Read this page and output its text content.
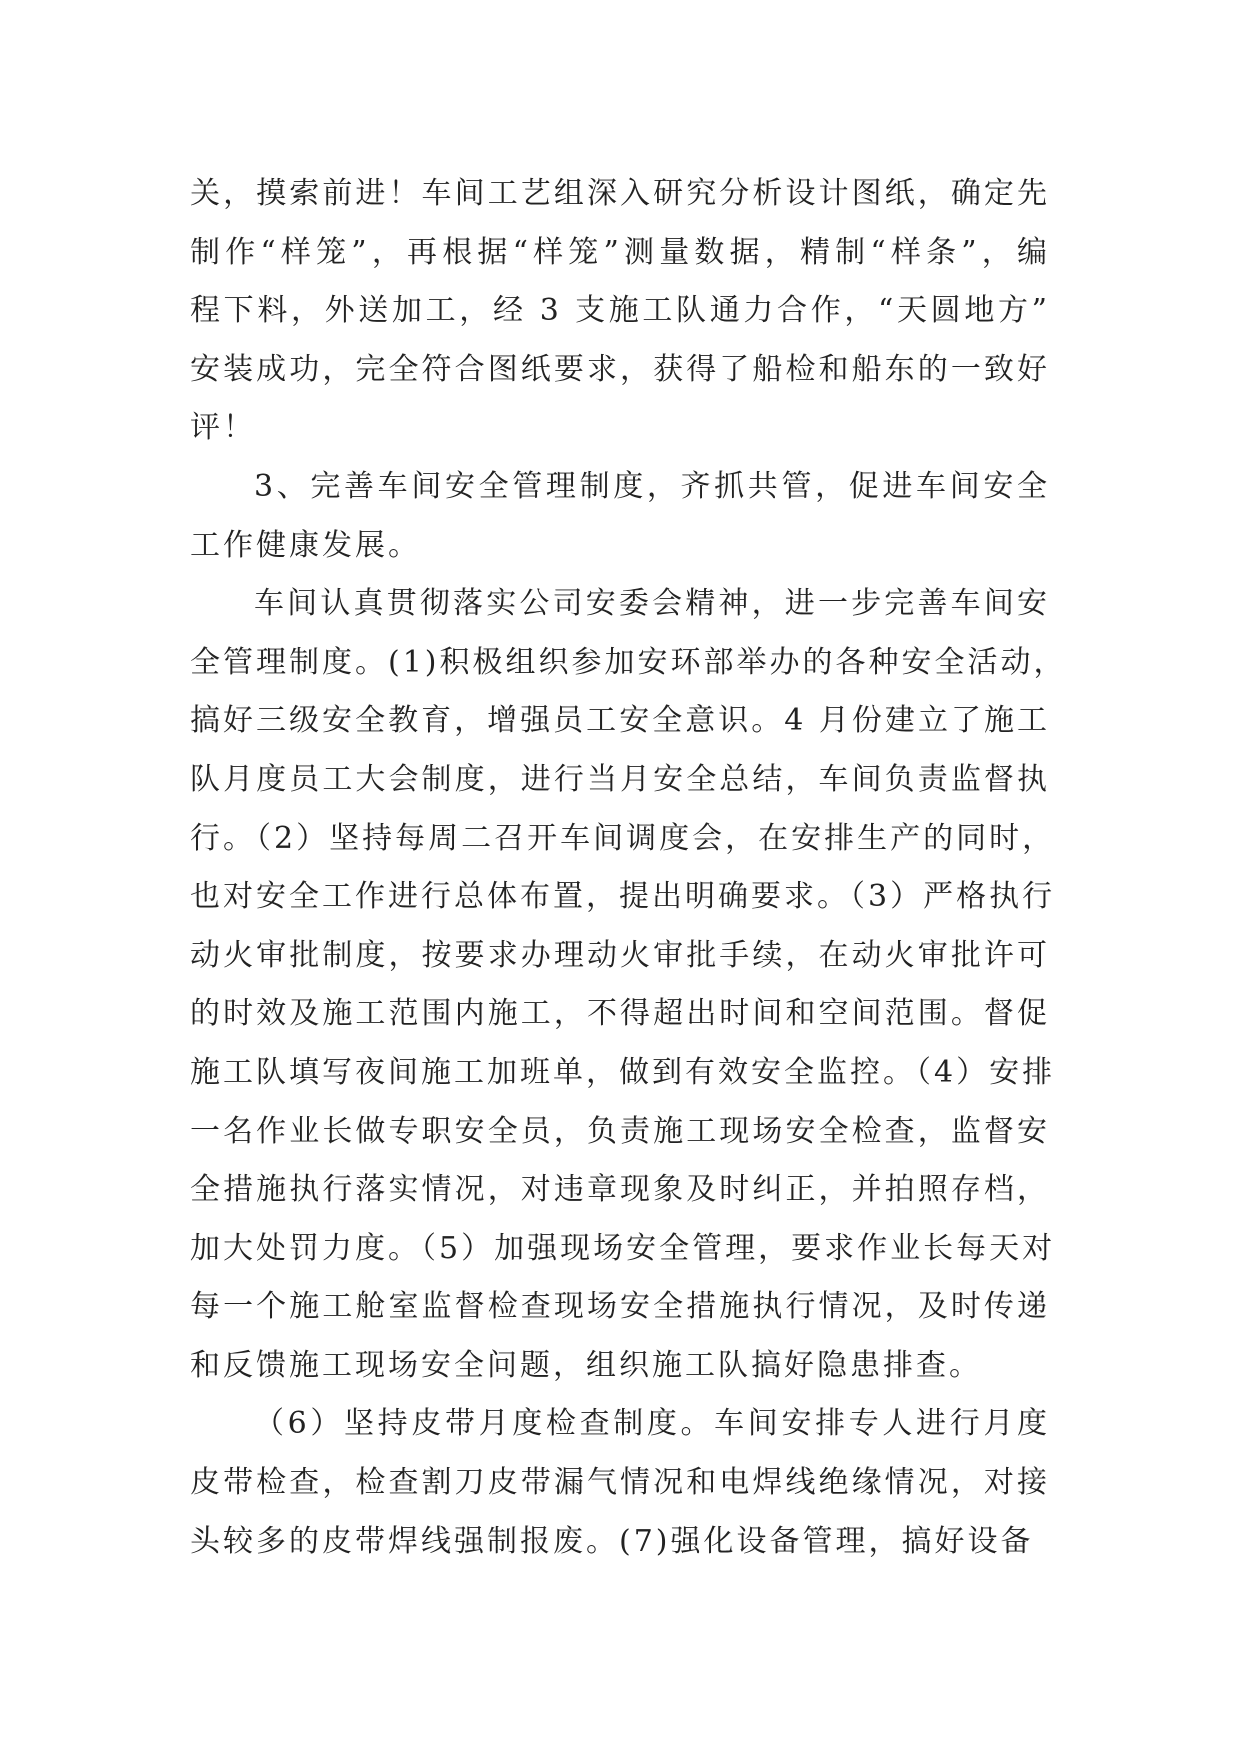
关，摸索前进！车间工艺组深入研究分析设计图纸，确定先
制作“样笼”，再根据“样笼”测量数据，精制“样条”，编
程下料，外送加工，经 3 支施工队通力合作，“天圆地方”
安装成功，完全符合图纸要求，获得了船检和船东的一致好
评！

3、完善车间安全管理制度，齐抓共管，促进车间安全
工作健康发展。

车间认真贯彻落实公司安委会精神，进一步完善车间安
全管理制度。(1)积极组织参加安环部举办的各种安全活动，
搞好三级安全教育，增强员工安全意识。4 月份建立了施工
队月度员工大会制度，进行当月安全总结，车间负责监督执
行。（2）坚持每周二召开车间调度会，在安排生产的同时，
也对安全工作进行总体布置，提出明确要求。（3）严格执行
动火审批制度，按要求办理动火审批手续，在动火审批许可
的时效及施工范围内施工，不得超出时间和空间范围。督促
施工队填写夜间施工加班单，做到有效安全监控。（4）安排
一名作业长做专职安全员，负责施工现场安全检查，监督安
全措施执行落实情况，对违章现象及时纠正，并拍照存档，
加大处罚力度。（5）加强现场安全管理，要求作业长每天对
每一个施工舱室监督检查现场安全措施执行情况，及时传递
和反馈施工现场安全问题，组织施工队搞好隐患排查。

（6）坚持皮带月度检查制度。车间安排专人进行月度
皮带检查，检查割刀皮带漏气情况和电焊线绝缘情况，对接
头较多的皮带焊线强制报废。(7)强化设备管理，搞好设备
